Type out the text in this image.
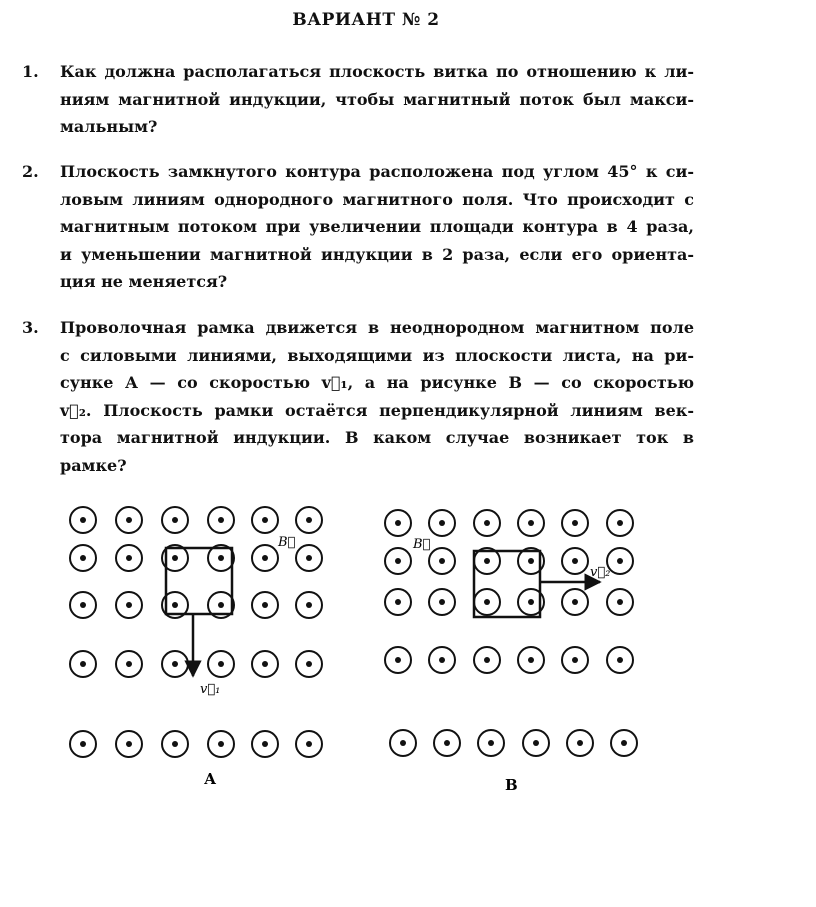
ВАРИАНТ № 2
1. Как должна располагаться плоскость витка по отношению к ли-
ниям магнитной индукции, чтобы магнитный поток был макси-
мальным?
2. Плоскость замкнутого контура расположена под углом 45° к си-
ловым линиям однородного магнитного поля. Что происходит с
магнитным потоком при увеличении площади контура в 4 раза,
и уменьшении магнитной индукции в 2 раза, если его ориента-
ция не меняется?
3. Проволочная рамка движется в неоднородном магнитном поле
с силовыми линиями, выходящими из плоскости листа, на ри-
сунке А — со скоростью v⃗₁, а на рисунке В — со скоростью
v⃗₂. Плоскость рамки остаётся перпендикулярной линиям век-
тора магнитной индукции. В каком случае возникает ток в
рамке?
B⃗
v⃗₁
B⃗
v⃗₂
А	В
